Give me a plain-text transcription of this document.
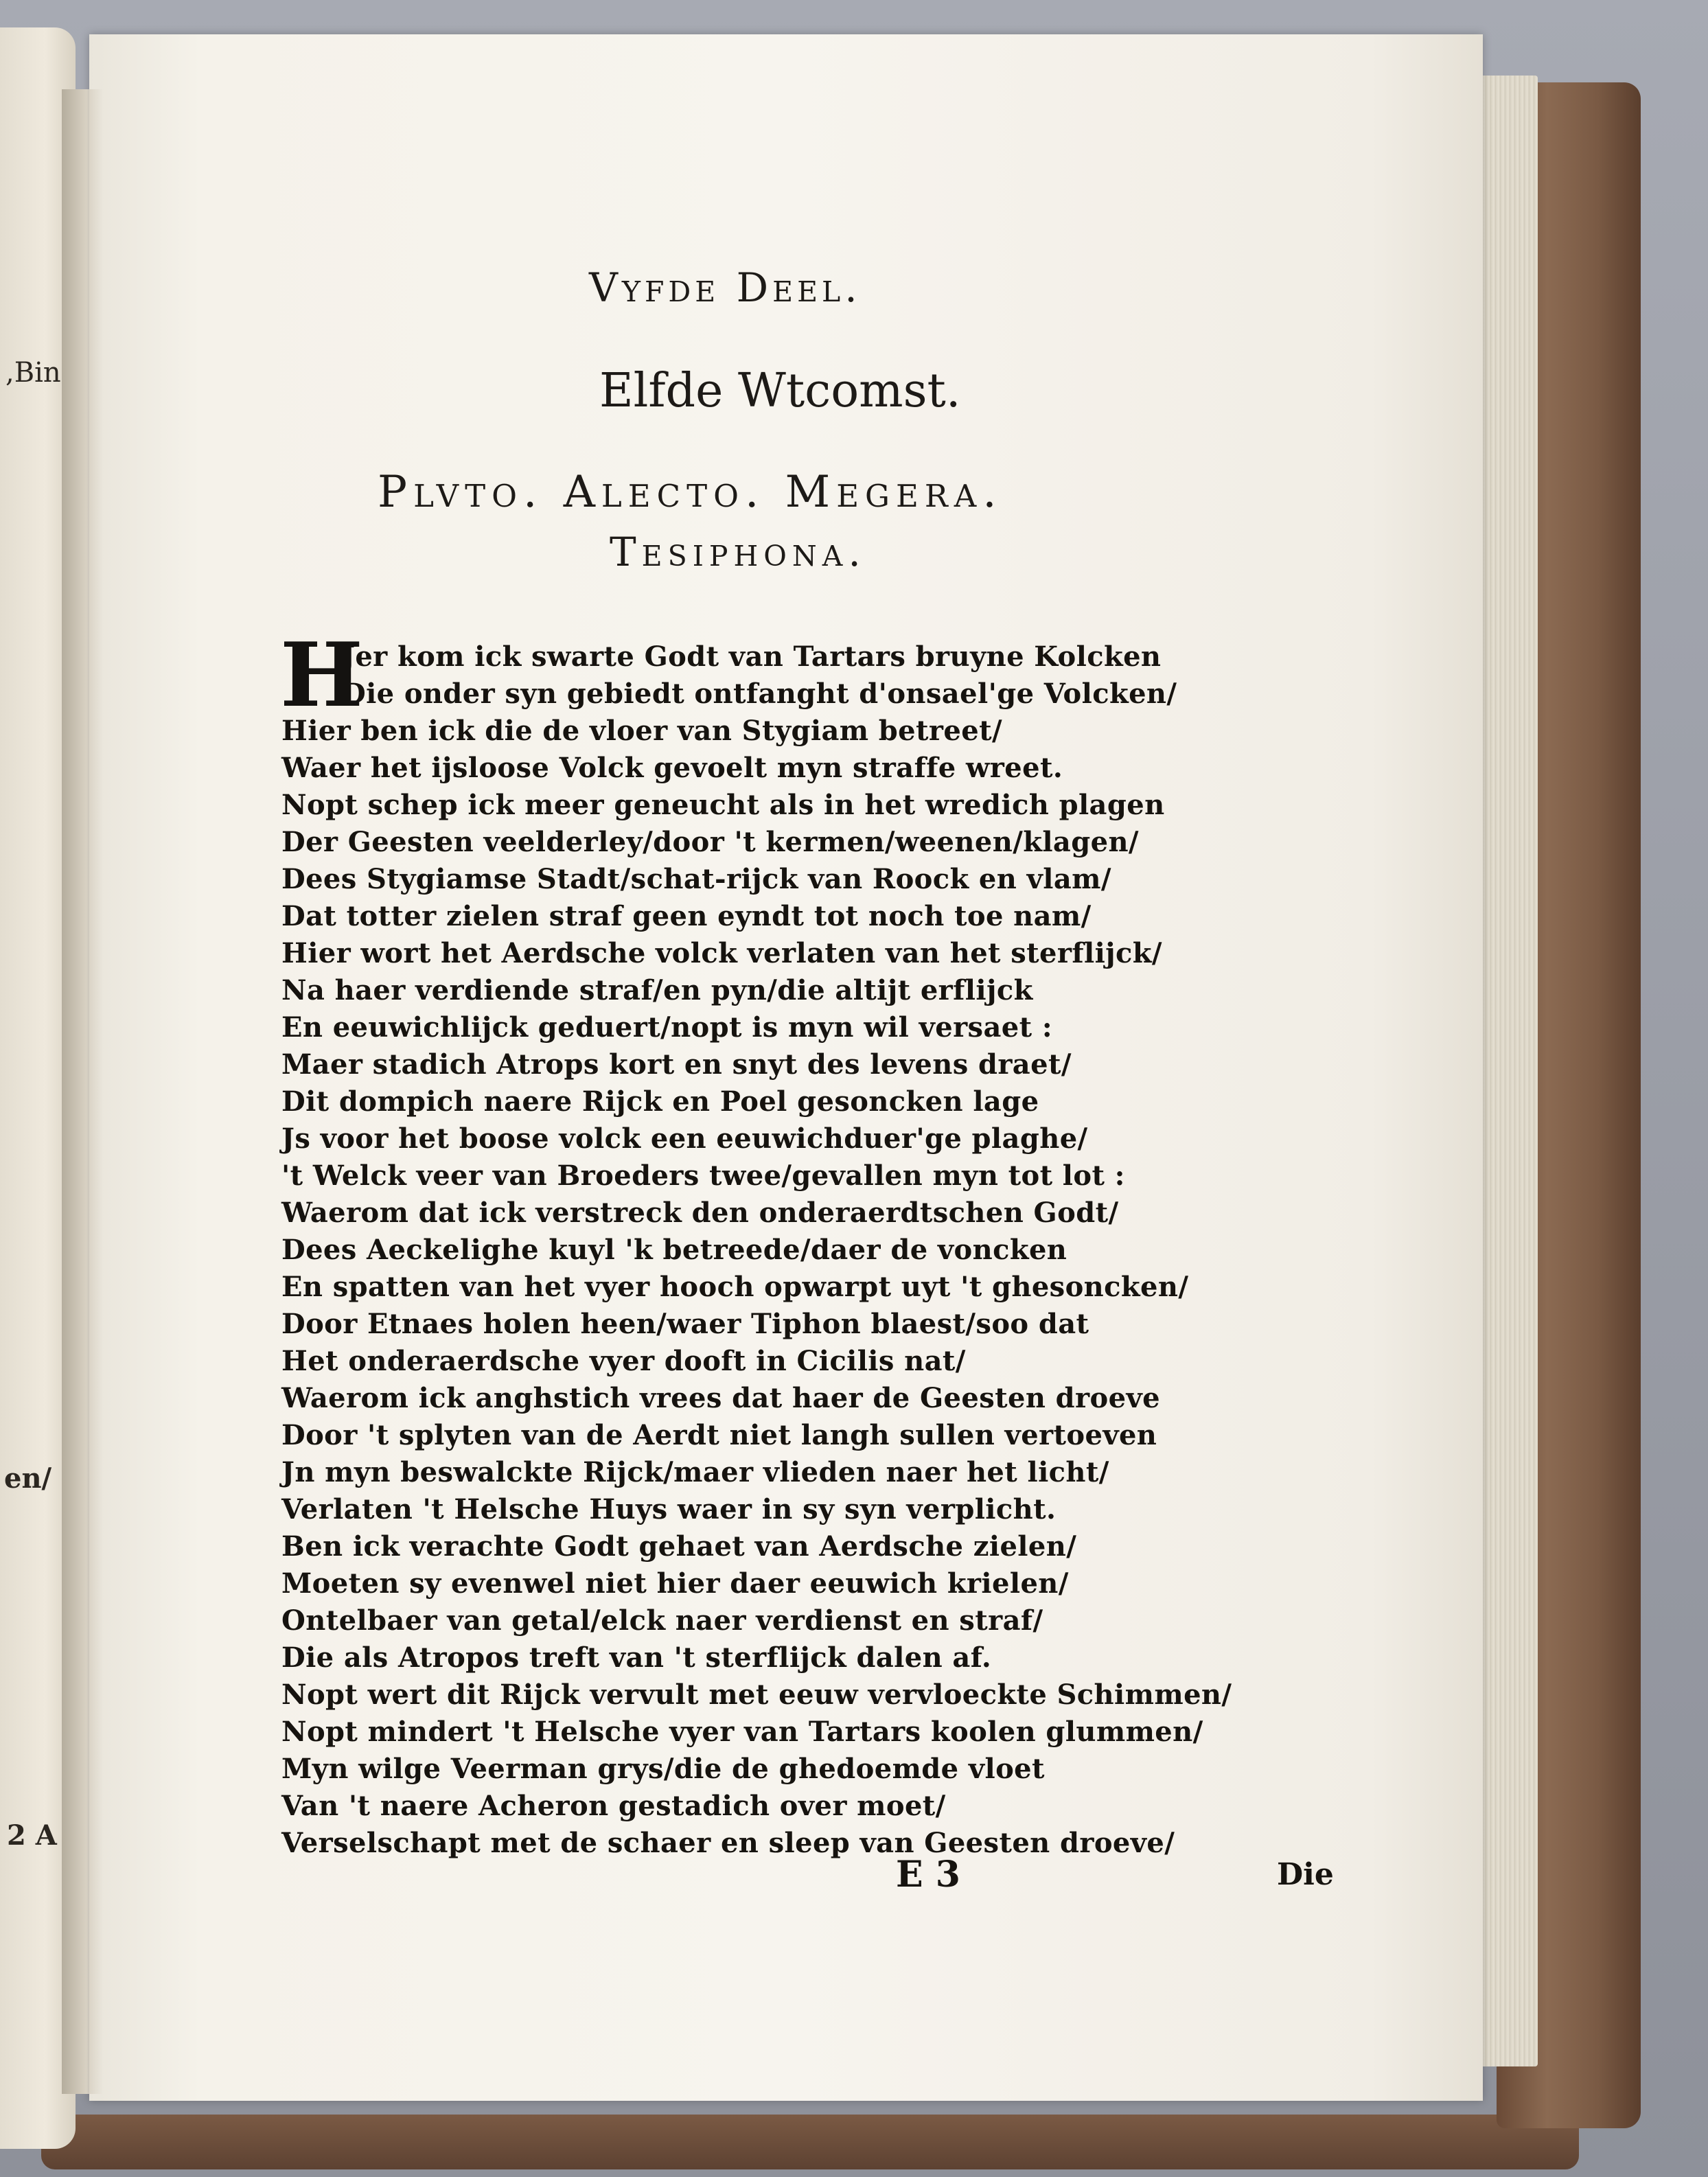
,Bin
en/
2 A
Vyfde Deel.
Elfde Wtcomst.
Plvto. Alecto. Megera.
Tesiphona.
H
Jer kom ick swarte Godt van Tartars bruyne Kolcken
Die onder syn gebiedt ontfanght d'onsael'ge Volcken/
Hier ben ick die de vloer van Stygiam betreet/
Waer het ijsloose Volck gevoelt myn straffe wreet.
Nopt schep ick meer geneucht als in het wredich plagen
Der Geesten veelderley/door 't kermen/weenen/klagen/
Dees Stygiamse Stadt/schat-rijck van Roock en vlam/
Dat totter zielen straf geen eyndt tot noch toe nam/
Hier wort het Aerdsche volck verlaten van het sterflijck/
Na haer verdiende straf/en pyn/die altijt erflijck
En eeuwichlijck geduert/nopt is myn wil versaet :
Maer stadich Atrops kort en snyt des levens draet/
Dit dompich naere Rijck en Poel gesoncken lage
Js voor het boose volck een eeuwichduer'ge plaghe/
't Welck veer van Broeders twee/gevallen myn tot lot :
Waerom dat ick verstreck den onderaerdtschen Godt/
Dees Aeckelighe kuyl 'k betreede/daer de voncken
En spatten van het vyer hooch opwarpt uyt 't ghesoncken/
Door Etnaes holen heen/waer Tiphon blaest/soo dat
Het onderaerdsche vyer dooft in Cicilis nat/
Waerom ick anghstich vrees dat haer de Geesten droeve
Door 't splyten van de Aerdt niet langh sullen vertoeven
Jn myn beswalckte Rijck/maer vlieden naer het licht/
Verlaten 't Helsche Huys waer in sy syn verplicht.
Ben ick verachte Godt gehaet van Aerdsche zielen/
Moeten sy evenwel niet hier daer eeuwich krielen/
Ontelbaer van getal/elck naer verdienst en straf/
Die als Atropos treft van 't sterflijck dalen af.
Nopt wert dit Rijck vervult met eeuw vervloeckte Schimmen/
Nopt mindert 't Helsche vyer van Tartars koolen glummen/
Myn wilge Veerman grys/die de ghedoemde vloet
Van 't naere Acheron gestadich over moet/
Verselschapt met de schaer en sleep van Geesten droeve/
E 3	Die
